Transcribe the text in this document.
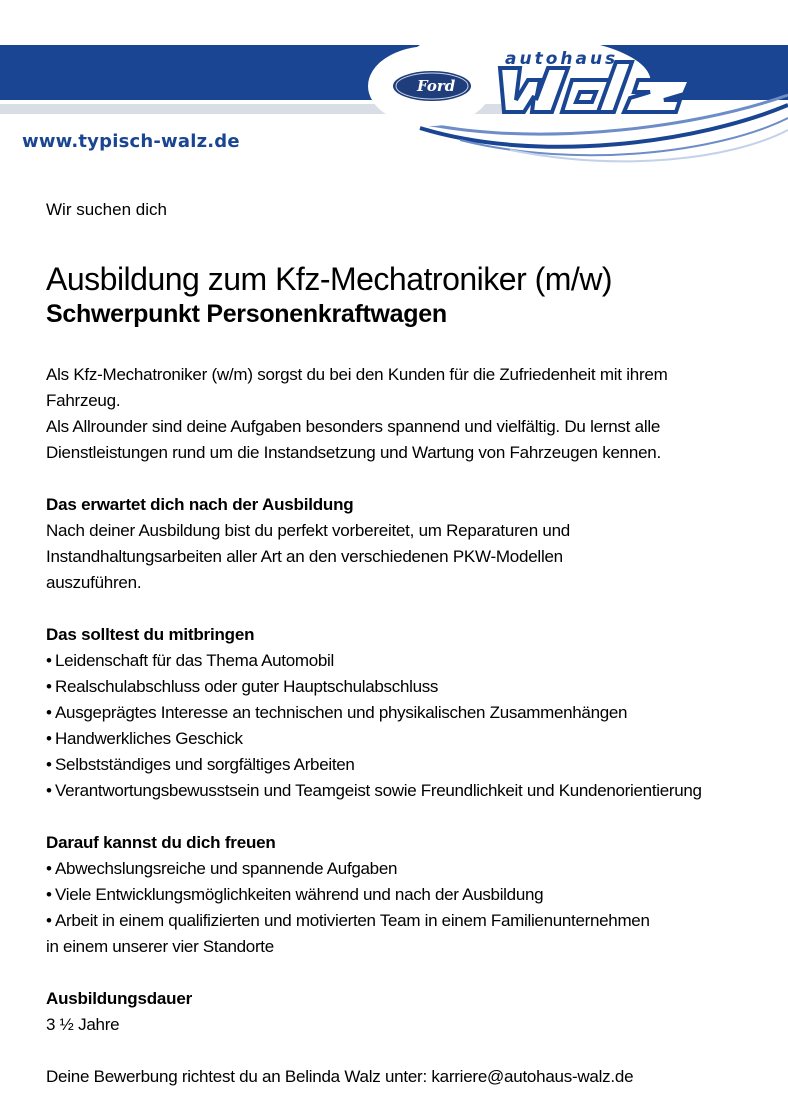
autohaus
Ford
www.typisch-walz.de
Wir suchen dich
Ausbildung zum Kfz-Mechatroniker (m/w)
Schwerpunkt Personenkraftwagen

Als Kfz-Mechatroniker (w/m) sorgst du bei den Kunden für die Zufriedenheit mit ihrem

Fahrzeug.

Als Allrounder sind deine Aufgaben besonders spannend und vielfältig. Du lernst alle

Dienstleistungen rund um die Instandsetzung und Wartung von Fahrzeugen kennen.

Das erwartet dich nach der Ausbildung

Nach deiner Ausbildung bist du perfekt vorbereitet, um Reparaturen und

Instandhaltungsarbeiten aller Art an den verschiedenen PKW-Modellen

auszuführen.

Das solltest du mitbringen
• Leidenschaft für das Thema Automobil
• Realschulabschluss oder guter Hauptschulabschluss
• Ausgeprägtes Interesse an technischen und physikalischen Zusammenhängen
• Handwerkliches Geschick
• Selbstständiges und sorgfältiges Arbeiten
• Verantwortungsbewusstsein und Teamgeist sowie Freundlichkeit und Kundenorientierung
Darauf kannst du dich freuen
• Abwechslungsreiche und spannende Aufgaben
• Viele Entwicklungsmöglichkeiten während und nach der Ausbildung
• Arbeit in einem qualifizierten und motivierten Team in einem Familienunternehmen
in einem unserer vier Standorte
Ausbildungsdauer

3 ½ Jahre

Deine Bewerbung richtest du an Belinda Walz unter: karriere@autohaus-walz.de
